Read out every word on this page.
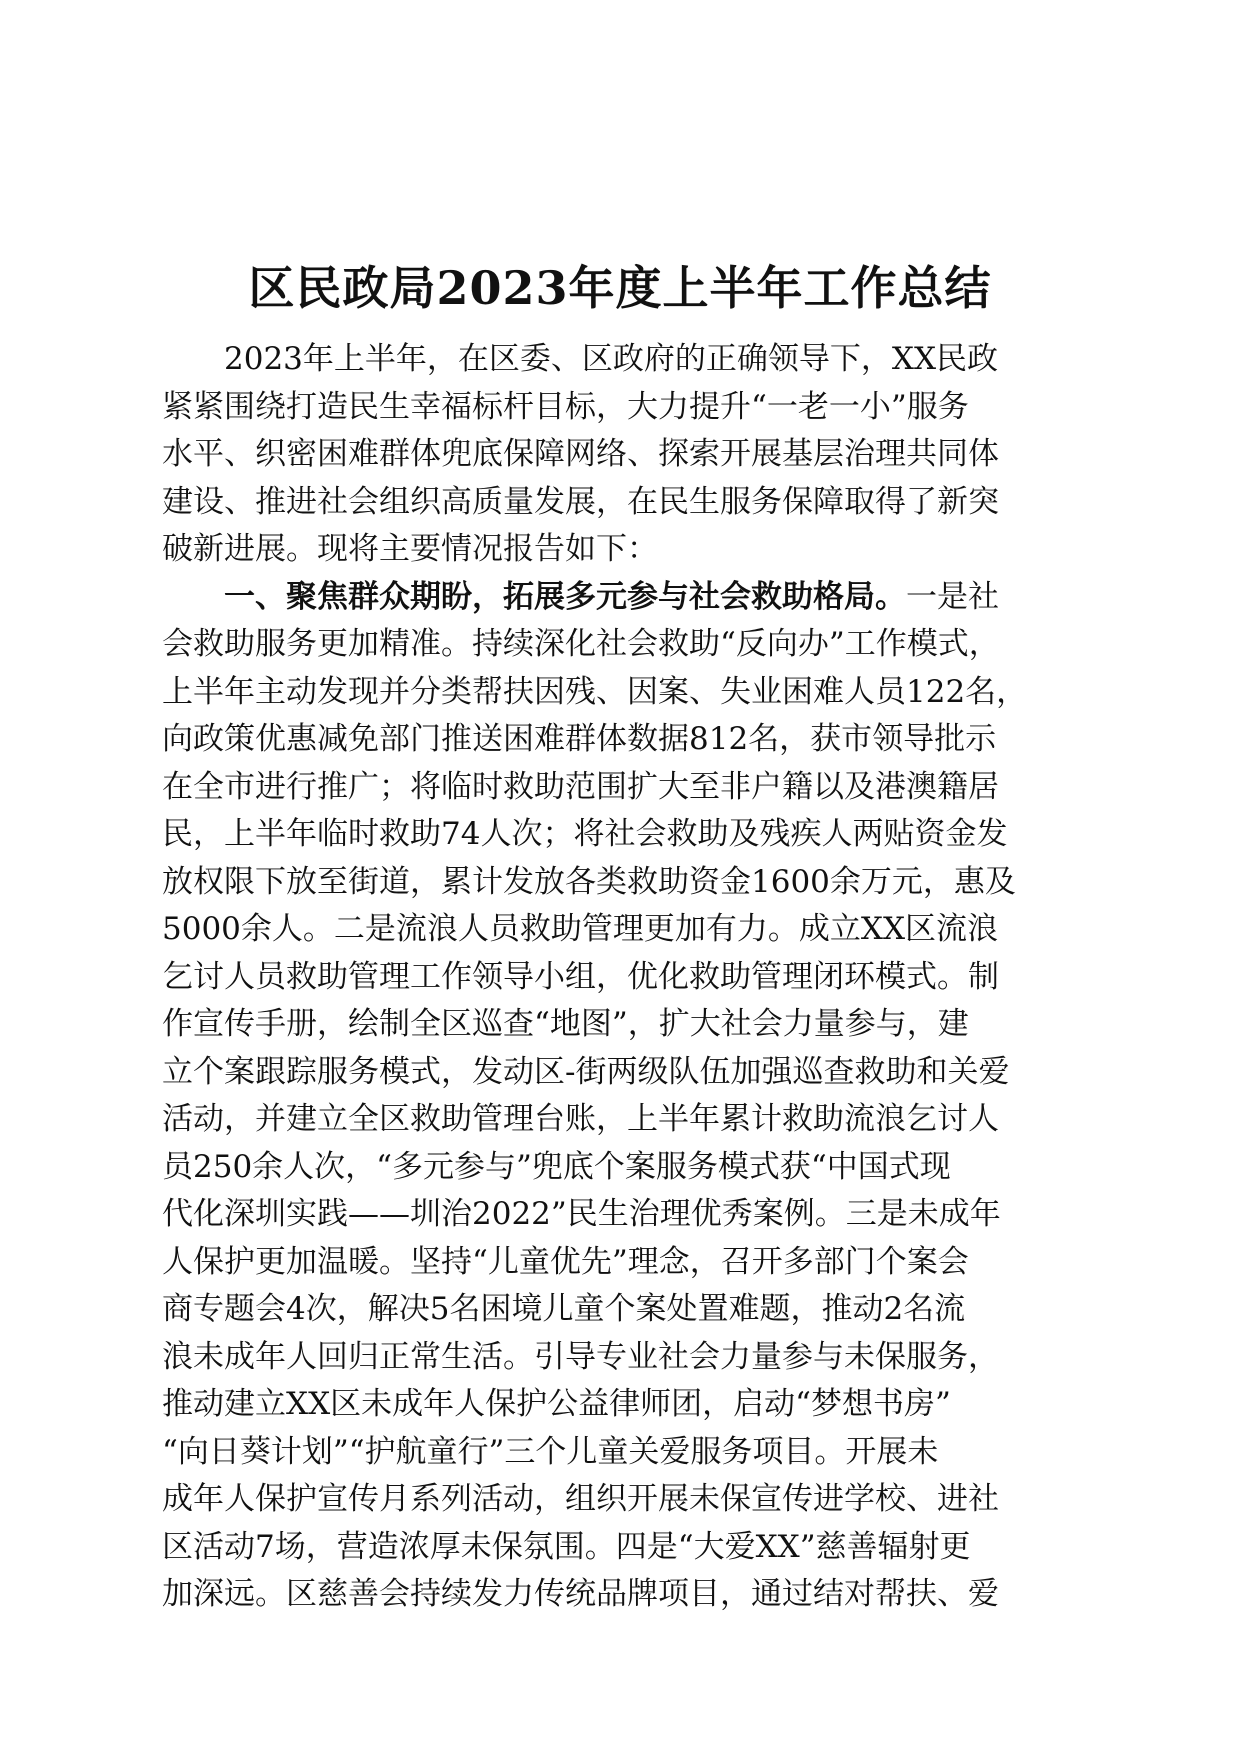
区民政局2023年度上半年工作总结
2023年上半年，在区委、区政府的正确领导下，XX民政
紧紧围绕打造民生幸福标杆目标，大力提升“一老一小”服务
水平、织密困难群体兜底保障网络、探索开展基层治理共同体
建设、推进社会组织高质量发展，在民生服务保障取得了新突
破新进展。现将主要情况报告如下：
一、聚焦群众期盼，拓展多元参与社会救助格局。一是社
会救助服务更加精准。持续深化社会救助“反向办”工作模式，
上半年主动发现并分类帮扶因残、因案、失业困难人员122名，
向政策优惠减免部门推送困难群体数据812名，获市领导批示
在全市进行推广；将临时救助范围扩大至非户籍以及港澳籍居
民，上半年临时救助74人次；将社会救助及残疾人两贴资金发
放权限下放至街道，累计发放各类救助资金1600余万元，惠及
5000余人。二是流浪人员救助管理更加有力。成立XX区流浪
乞讨人员救助管理工作领导小组，优化救助管理闭环模式。制
作宣传手册，绘制全区巡查“地图”，扩大社会力量参与，建
立个案跟踪服务模式，发动区-街两级队伍加强巡查救助和关爱
活动，并建立全区救助管理台账，上半年累计救助流浪乞讨人
员250余人次，“多元参与”兜底个案服务模式获“中国式现
代化深圳实践——圳治2022”民生治理优秀案例。三是未成年
人保护更加温暖。坚持“儿童优先”理念，召开多部门个案会
商专题会4次，解决5名困境儿童个案处置难题，推动2名流
浪未成年人回归正常生活。引导专业社会力量参与未保服务，
推动建立XX区未成年人保护公益律师团，启动“梦想书房”
“向日葵计划”“护航童行”三个儿童关爱服务项目。开展未
成年人保护宣传月系列活动，组织开展未保宣传进学校、进社
区活动7场，营造浓厚未保氛围。四是“大爱XX”慈善辐射更
加深远。区慈善会持续发力传统品牌项目，通过结对帮扶、爱
